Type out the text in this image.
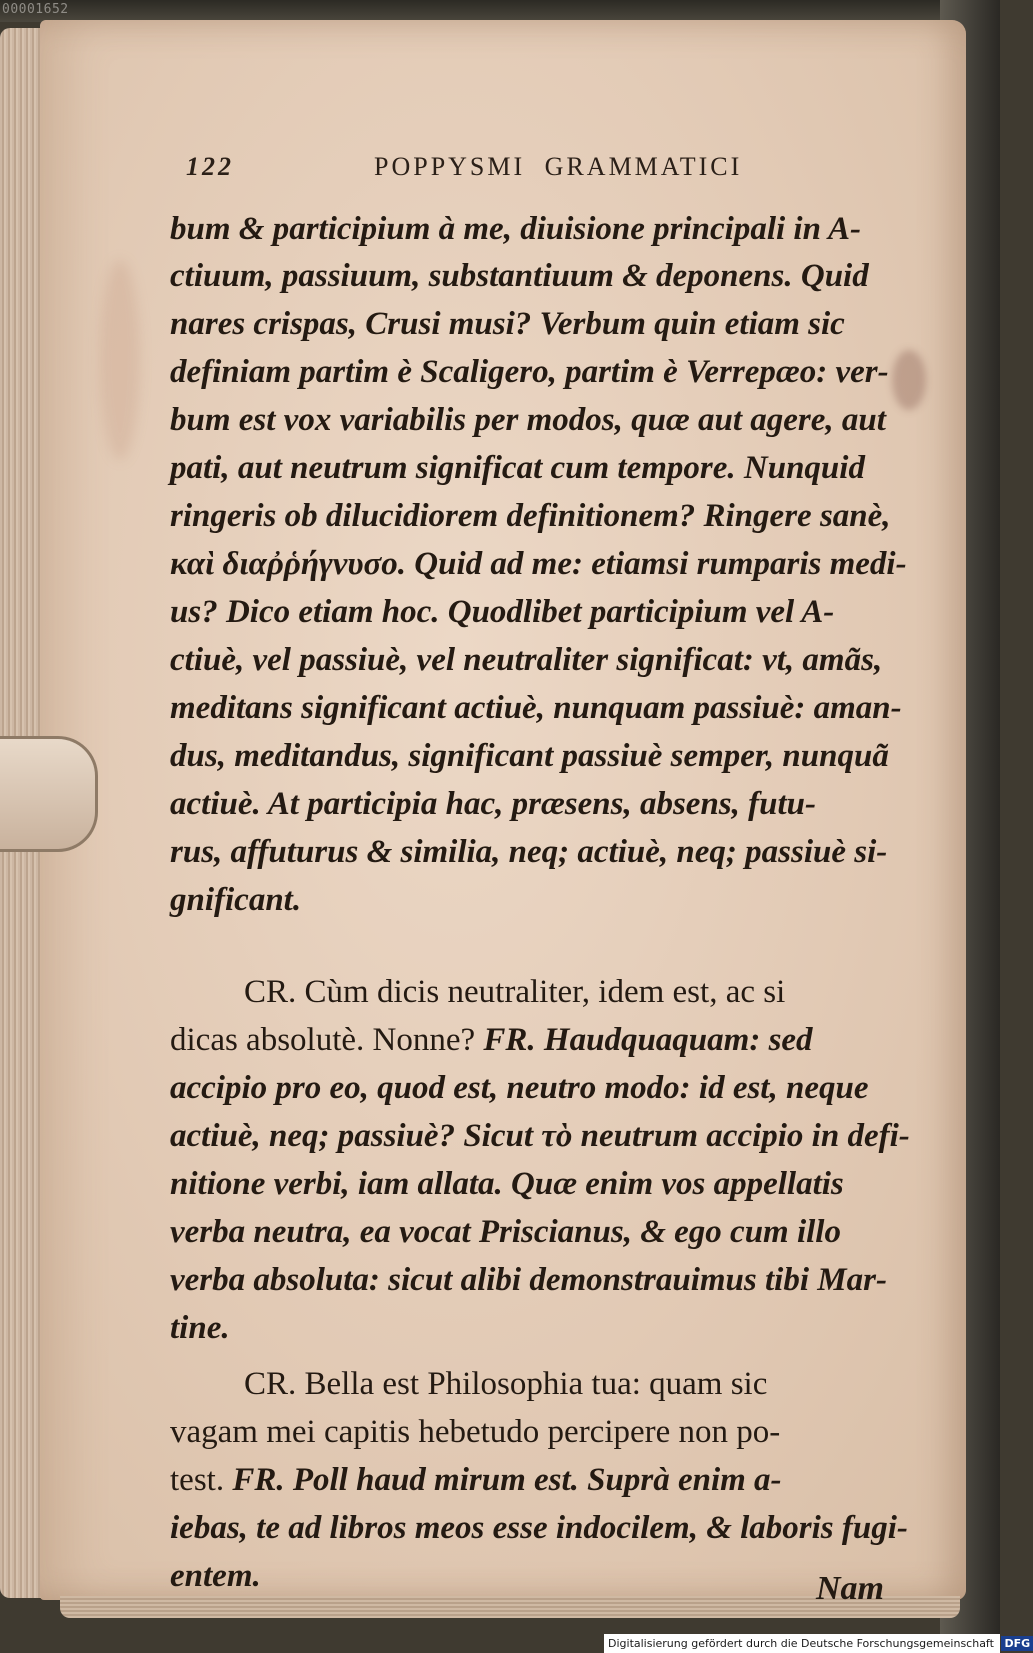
00001652
122	POPPYSMI GRAMMATICI
bum & participium à me, diuisione principali in A-
ctiuum, passiuum, substantiuum & deponens. Quid
nares crispas, Crusi musi? Verbum quin etiam sic
definiam partim è Scaligero, partim è Verrepæo: ver-
bum est vox variabilis per modos, quæ aut agere, aut
pati, aut neutrum significat cum tempore. Nunquid
ringeris ob dilucidiorem definitionem? Ringere sanè,
καὶ διαῤῥήγνυσο. Quid ad me: etiamsi rumparis medi-
us? Dico etiam hoc. Quodlibet participium vel A-
ctiuè, vel passiuè, vel neutraliter significat: vt, amãs,
meditans significant actiuè, nunquam passiuè: aman-
dus, meditandus, significant passiuè semper, nunquã
actiuè. At participia hac, præsens, absens, futu-
rus, affuturus & similia, neq; actiuè, neq; passiuè si-
gnificant.
CR. Cùm dicis neutraliter, idem est, ac si
dicas absolutè. Nonne? FR. Haudquaquam: sed
accipio pro eo, quod est, neutro modo: id est, neque
actiuè, neq; passiuè? Sicut τὸ neutrum accipio in defi-
nitione verbi, iam allata. Quæ enim vos appellatis
verba neutra, ea vocat Priscianus, & ego cum illo
verba absoluta: sicut alibi demonstrauimus tibi Mar-
tine.
CR. Bella est Philosophia tua: quam sic
vagam mei capitis hebetudo percipere non po-
test. FR. Poll haud mirum est. Suprà enim a-
iebas, te ad libros meos esse indocilem, & laboris fugi-
entem.	Nam
Digitalisierung gefördert durch die Deutsche Forschungsgemeinschaft DFG
